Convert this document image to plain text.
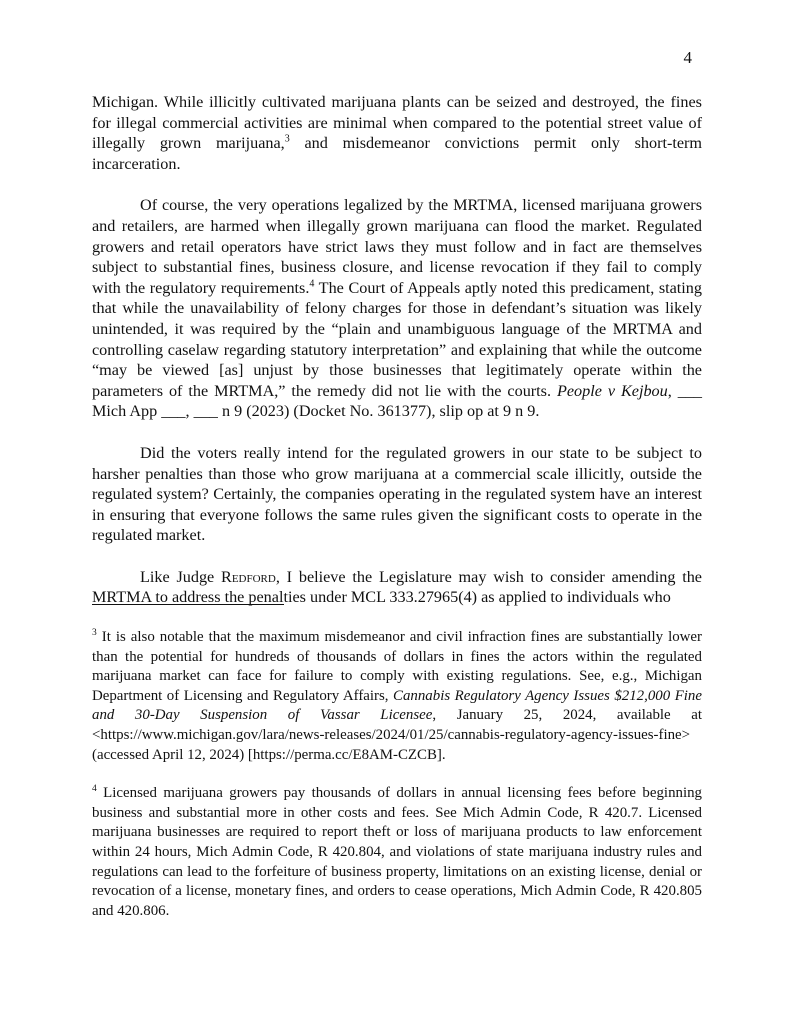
4

Michigan. While illicitly cultivated marijuana plants can be seized and destroyed, the fines for illegal commercial activities are minimal when compared to the potential street value of illegally grown marijuana,$^3$ and misdemeanor convictions permit only short-term incarceration.

Of course, the very operations legalized by the MRTMA, licensed marijuana growers and retailers, are harmed when illegally grown marijuana can flood the market. Regulated growers and retail operators have strict laws they must follow and in fact are themselves subject to substantial fines, business closure, and license revocation if they fail to comply with the regulatory requirements.$^4$ The Court of Appeals aptly noted this predicament, stating that while the unavailability of felony charges for those in defendant’s situation was likely unintended, it was required by the “plain and unambiguous language of the MRTMA and controlling caselaw regarding statutory interpretation” and explaining that while the outcome “may be viewed [as] unjust by those businesses that legitimately operate within the parameters of the MRTMA,” the remedy did not lie with the courts. People v Kejbou, ___ Mich App ___, ___ n 9 (2023) (Docket No. 361377), slip op at 9 n 9.

Did the voters really intend for the regulated growers in our state to be subject to harsher penalties than those who grow marijuana at a commercial scale illicitly, outside the regulated system? Certainly, the companies operating in the regulated system have an interest in ensuring that everyone follows the same rules given the significant costs to operate in the regulated market.

Like Judge Redford, I believe the Legislature may wish to consider amending the MRTMA to address the penalties under MCL 333.27965(4) as applied to individuals who

$^3$ It is also notable that the maximum misdemeanor and civil infraction fines are substantially lower than the potential for hundreds of thousands of dollars in fines the actors within the regulated marijuana market can face for failure to comply with existing regulations. See, e.g., Michigan Department of Licensing and Regulatory Affairs, Cannabis Regulatory Agency Issues $212,000 Fine and 30-Day Suspension of Vassar Licensee, January 25, 2024, available at <https://www.michigan.gov/lara/news-releases/2024/01/25/cannabis-regulatory-agency-issues-fine> (accessed April 12, 2024) [https://perma.cc/E8AM-CZCB].

$^4$ Licensed marijuana growers pay thousands of dollars in annual licensing fees before beginning business and substantial more in other costs and fees. See Mich Admin Code, R 420.7. Licensed marijuana businesses are required to report theft or loss of marijuana products to law enforcement within 24 hours, Mich Admin Code, R 420.804, and violations of state marijuana industry rules and regulations can lead to the forfeiture of business property, limitations on an existing license, denial or revocation of a license, monetary fines, and orders to cease operations, Mich Admin Code, R 420.805 and 420.806.
